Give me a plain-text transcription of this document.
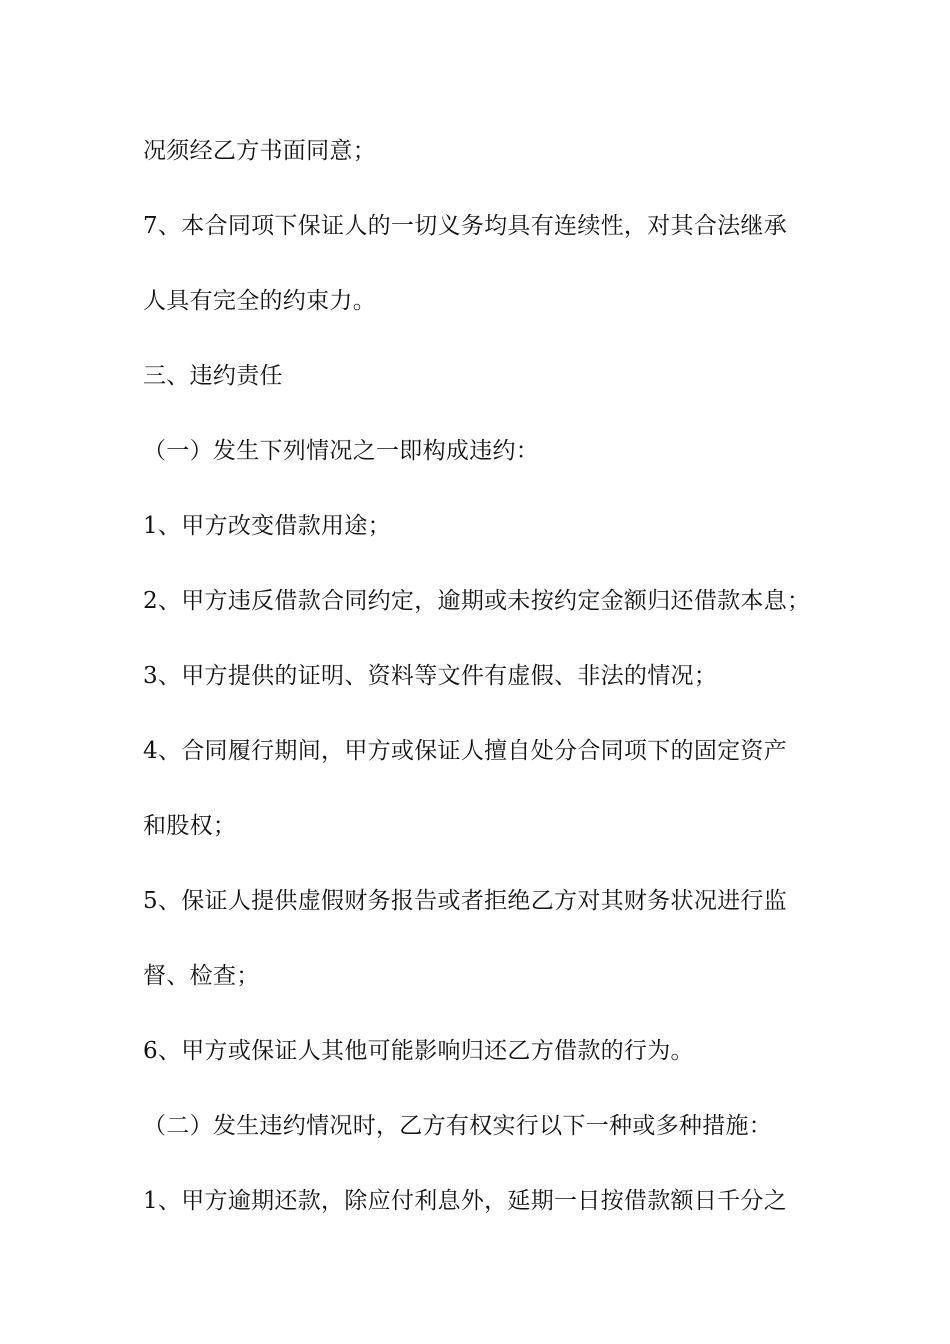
况须经乙方书面同意；
7、本合同项下保证人的一切义务均具有连续性，对其合法继承
人具有完全的约束力。
三、违约责任
（一）发生下列情况之一即构成违约：
1、甲方改变借款用途；
2、甲方违反借款合同约定，逾期或未按约定金额归还借款本息；
3、甲方提供的证明、资料等文件有虚假、非法的情况；
4、合同履行期间，甲方或保证人擅自处分合同项下的固定资产
和股权；
5、保证人提供虚假财务报告或者拒绝乙方对其财务状况进行监
督、检查；
6、甲方或保证人其他可能影响归还乙方借款的行为。
（二）发生违约情况时，乙方有权实行以下一种或多种措施：
1、甲方逾期还款，除应付利息外，延期一日按借款额日千分之
